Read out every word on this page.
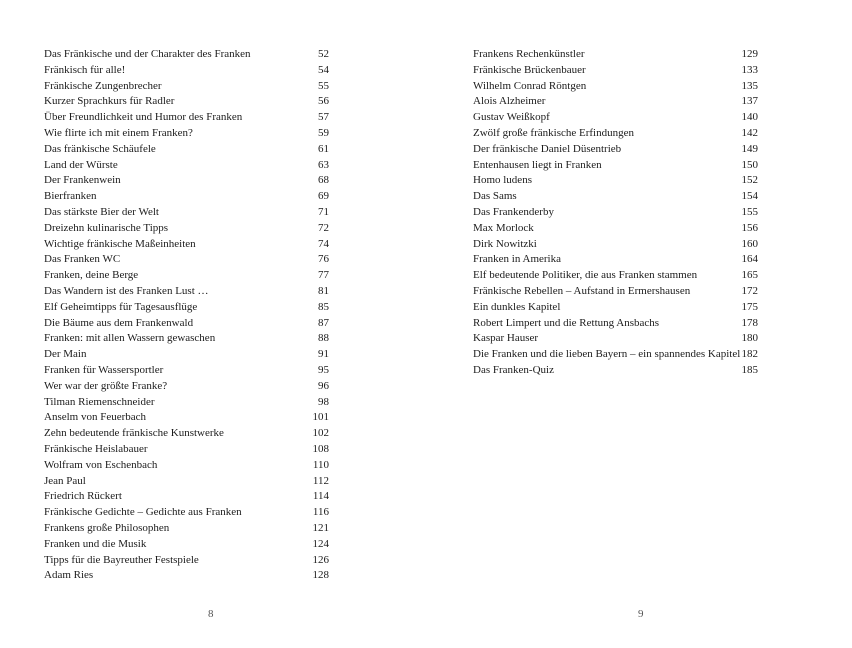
Das Fränkische und der Charakter des Franken	52
Fränkisch für alle!	54
Fränkische Zungenbrecher	55
Kurzer Sprachkurs für Radler	56
Über Freundlichkeit und Humor des Franken	57
Wie flirte ich mit einem Franken?	59
Das fränkische Schäufele	61
Land der Würste	63
Der Frankenwein	68
Bierfranken	69
Das stärkste Bier der Welt	71
Dreizehn kulinarische Tipps	72
Wichtige fränkische Maßeinheiten	74
Das Franken WC	76
Franken, deine Berge	77
Das Wandern ist des Franken Lust …	81
Elf Geheimtipps für Tagesausflüge	85
Die Bäume aus dem Frankenwald	87
Franken: mit allen Wassern gewaschen	88
Der Main	91
Franken für Wassersportler	95
Wer war der größte Franke?	96
Tilman Riemenschneider	98
Anselm von Feuerbach	101
Zehn bedeutende fränkische Kunstwerke	102
Fränkische Heislabauer	108
Wolfram von Eschenbach	110
Jean Paul	112
Friedrich Rückert	114
Fränkische Gedichte – Gedichte aus Franken	116
Frankens große Philosophen	121
Franken und die Musik	124
Tipps für die Bayreuther Festspiele	126
Adam Ries	128
8
Frankens Rechenkünstler	129
Fränkische Brückenbauer	133
Wilhelm Conrad Röntgen	135
Alois Alzheimer	137
Gustav Weißkopf	140
Zwölf große fränkische Erfindungen	142
Der fränkische Daniel Düsentrieb	149
Entenhausen liegt in Franken	150
Homo ludens	152
Das Sams	154
Das Frankenderby	155
Max Morlock	156
Dirk Nowitzki	160
Franken in Amerika	164
Elf bedeutende Politiker, die aus Franken stammen	165
Fränkische Rebellen – Aufstand in Ermershausen	172
Ein dunkles Kapitel	175
Robert Limpert und die Rettung Ansbachs	178
Kaspar Hauser	180
Die Franken und die lieben Bayern – ein spannendes Kapitel 182
Das Franken-Quiz	185
9
